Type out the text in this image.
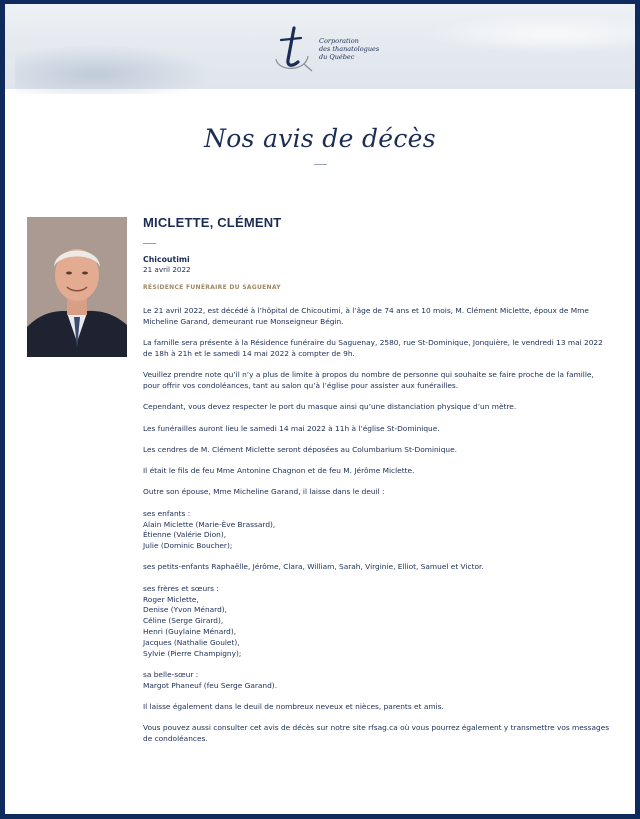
Corporation
des thanatologues
du Québec
Nos avis de décès
MICLETTE, CLÉMENT
Chicoutimi
21 avril 2022
RÉSIDENCE FUNÉRAIRE DU SAGUENAY

Le 21 avril 2022, est décédé à l’hôpital de Chicoutimi, à l’âge de 74 ans et 10 mois, M. Clément Miclette, époux de Mme Micheline Garand, demeurant rue Monseigneur Bégin.

La famille sera présente à la Résidence funéraire du Saguenay, 2580, rue St-Dominique, Jonquière, le vendredi 13 mai 2022 de 18h à 21h et le samedi 14 mai 2022 à compter de 9h.

Veuillez prendre note qu’il n’y a plus de limite à propos du nombre de personne qui souhaite se faire proche de la famille, pour offrir vos condoléances, tant au salon qu’à l’église pour assister aux funérailles.

Cependant, vous devez respecter le port du masque ainsi qu’une distanciation physique d’un mètre.

Les funérailles auront lieu le samedi 14 mai 2022 à 11h à l’église St-Dominique.

Les cendres de M. Clément Miclette seront déposées au Columbarium St-Dominique.

Il était le fils de feu Mme Antonine Chagnon et de feu M. Jérôme Miclette.

Outre son épouse, Mme Micheline Garand, il laisse dans le deuil :

ses enfants :
Alain Miclette (Marie-Ève Brassard),
Étienne (Valérie Dion),
Julie (Dominic Boucher);

ses petits-enfants Raphaëlle, Jérôme, Clara, William, Sarah, Virginie, Elliot, Samuel et Victor.

ses frères et sœurs :
Roger Miclette,
Denise (Yvon Ménard),
Céline (Serge Girard),
Henri (Guylaine Ménard),
Jacques (Nathalie Goulet),
Sylvie (Pierre Champigny);

sa belle-sœur :
Margot Phaneuf (feu Serge Garand).

Il laisse également dans le deuil de nombreux neveux et nièces, parents et amis.

Vous pouvez aussi consulter cet avis de décès sur notre site rfsag.ca où vous pourrez également y transmettre vos messages de condoléances.
